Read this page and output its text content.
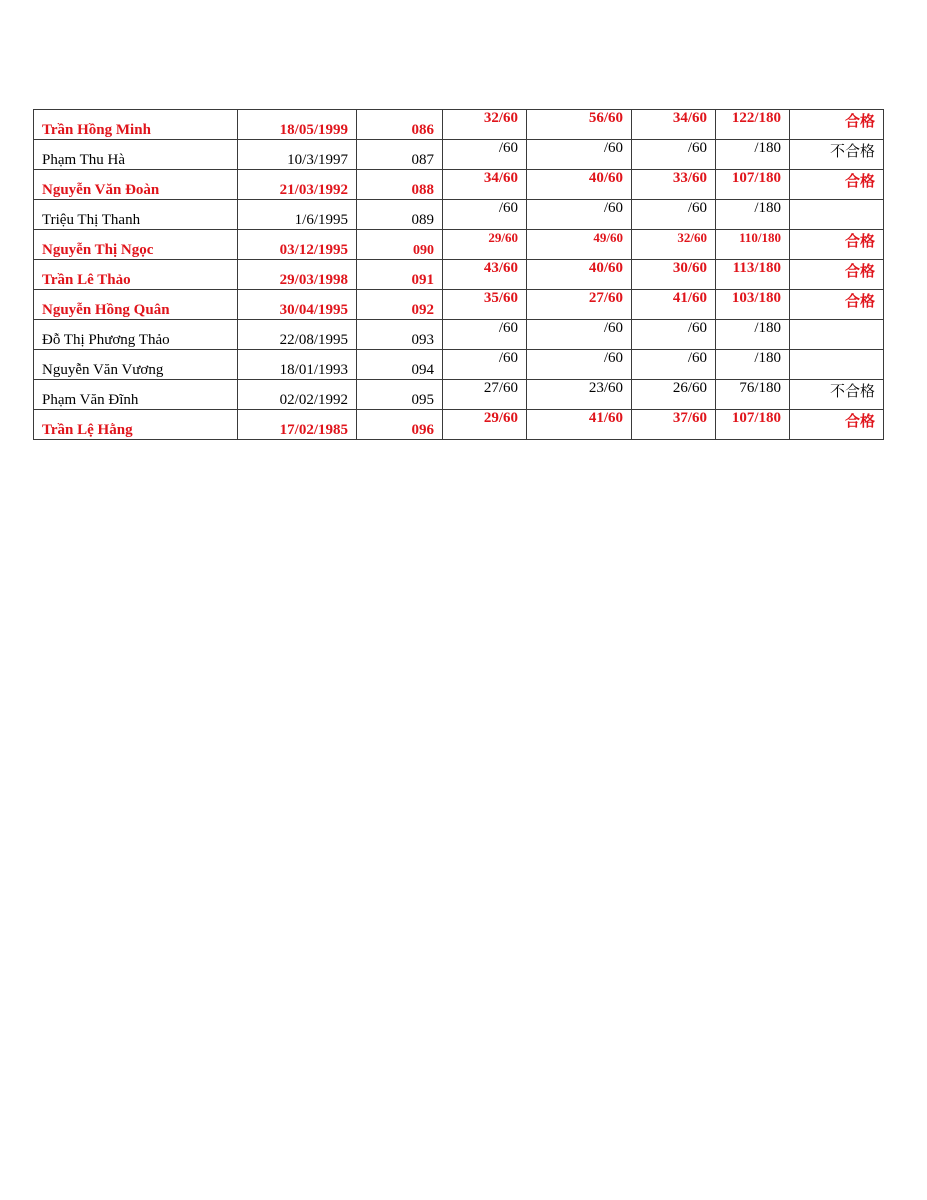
Trần Hồng Minh	18/05/1999	086	32/60	56/60	34/60	122/180	合格
Phạm Thu Hà	10/3/1997	087	/60	/60	/60	/180	不合格
Nguyễn Văn Đoàn	21/03/1992	088	34/60	40/60	33/60	107/180	合格
Triệu Thị Thanh	1/6/1995	089	/60	/60	/60	/180	
Nguyễn Thị Ngọc	03/12/1995	090	29/60	49/60	32/60	110/180	合格
Trần Lê Thảo	29/03/1998	091	43/60	40/60	30/60	113/180	合格
Nguyễn Hồng Quân	30/04/1995	092	35/60	27/60	41/60	103/180	合格
Đỗ Thị Phương Thảo	22/08/1995	093	/60	/60	/60	/180	
Nguyễn Văn Vương	18/01/1993	094	/60	/60	/60	/180	
Phạm Văn Đĩnh	02/02/1992	095	27/60	23/60	26/60	76/180	不合格
Trần Lệ Hằng	17/02/1985	096	29/60	41/60	37/60	107/180	合格
